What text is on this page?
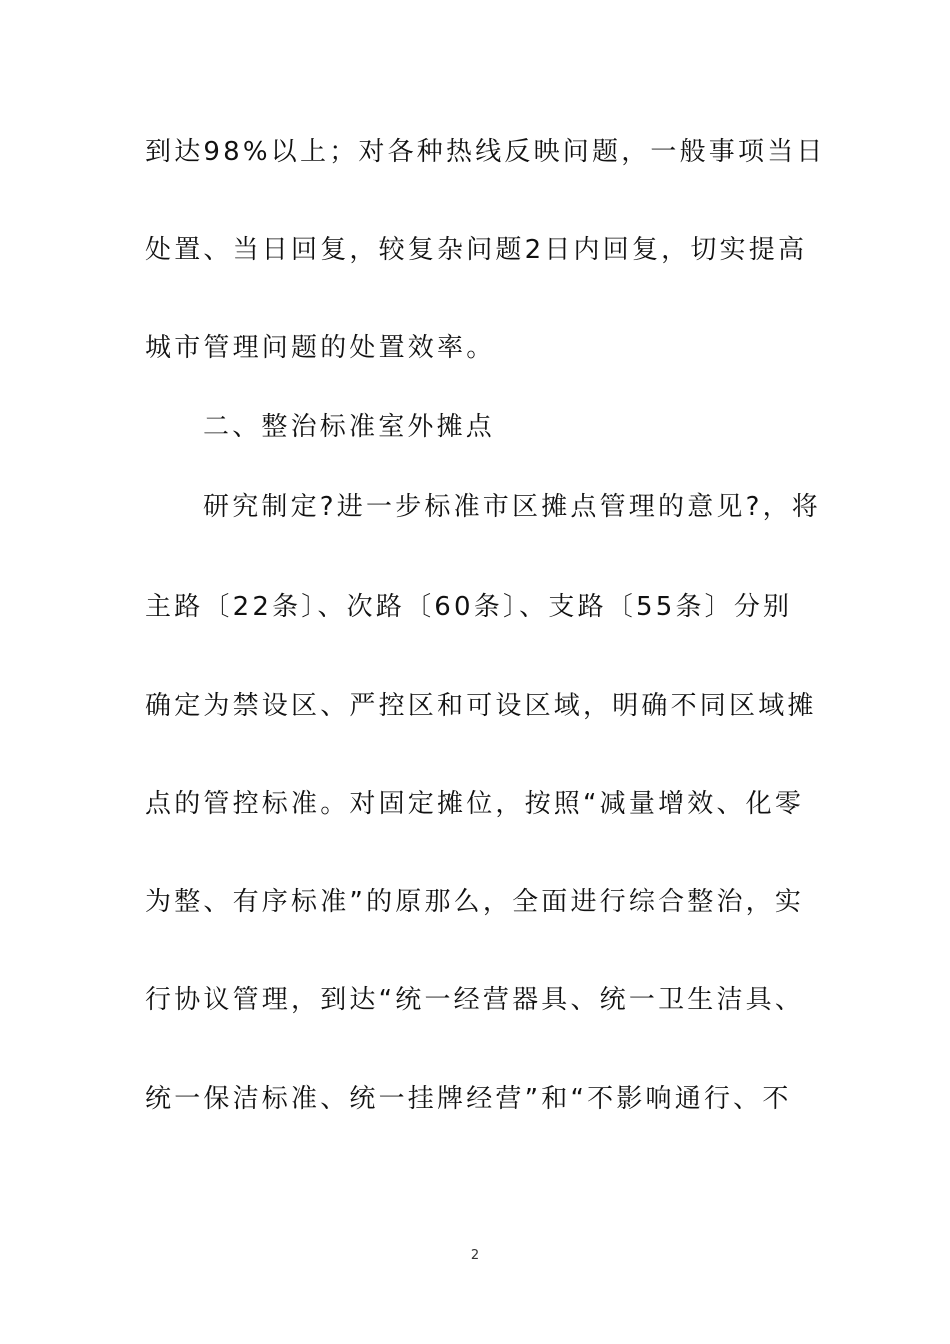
到达98%以上；对各种热线反映问题，一般事项当日
处置、当日回复，较复杂问题2日内回复，切实提高
城市管理问题的处置效率。
二、整治标准室外摊点
研究制定?进一步标准市区摊点管理的意见?，将
主路〔22条〕、次路〔60条〕、支路〔55条〕分别
确定为禁设区、严控区和可设区域，明确不同区域摊
点的管控标准。对固定摊位，按照“减量增效、化零
为整、有序标准”的原那么，全面进行综合整治，实
行协议管理，到达“统一经营器具、统一卫生洁具、
统一保洁标准、统一挂牌经营”和“不影响通行、不
2
